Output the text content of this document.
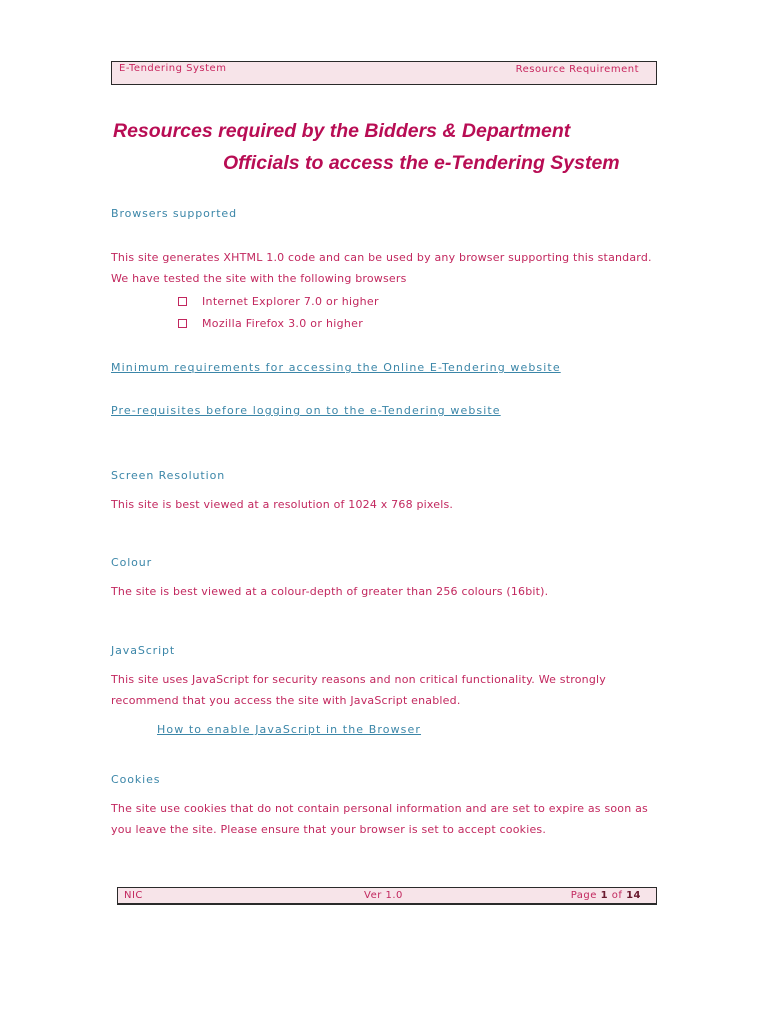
E-Tendering System	Resource Requirement
Resources required by the Bidders & Department
Officials to access the e-Tendering System
Browsers supported
This site generates XHTML 1.0 code and can be used by any browser supporting this standard.
We have tested the site with the following browsers
Internet Explorer 7.0 or higher
Mozilla Firefox 3.0 or higher
Minimum requirements for accessing the Online E-Tendering website
Pre-requisites before logging on to the e-Tendering website
Screen Resolution
This site is best viewed at a resolution of 1024 x 768 pixels.
Colour
The site is best viewed at a colour-depth of greater than 256 colours (16bit).
JavaScript
This site uses JavaScript for security reasons and non critical functionality. We strongly
recommend that you access the site with JavaScript enabled.
How to enable JavaScript in the Browser
Cookies
The site use cookies that do not contain personal information and are set to expire as soon as
you leave the site. Please ensure that your browser is set to accept cookies.
NIC	Ver 1.0	Page 1 of 14
